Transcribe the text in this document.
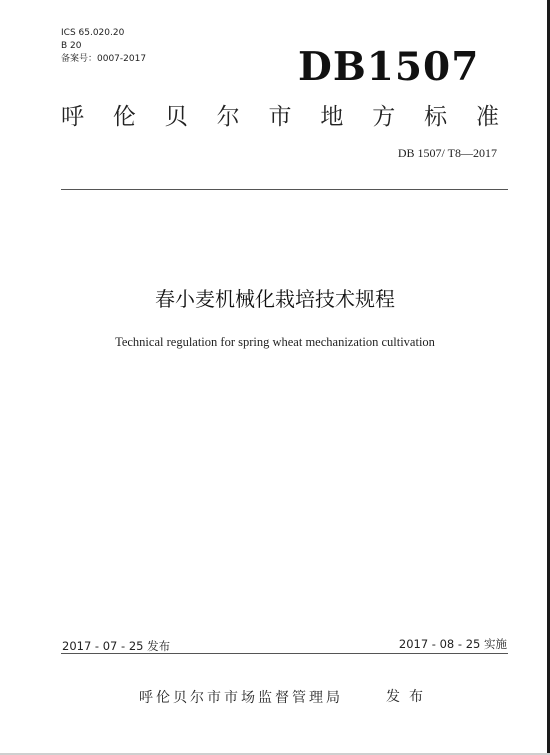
ICS 65.020.20
B 20
备案号：0007-2017	DB1507
呼 伦 贝 尔 市 地 方 标 准
DB 1507/ T8—2017
春小麦机械化栽培技术规程
Technical regulation for spring wheat mechanization cultivation
2017 - 07 - 25 发布	2017 - 08 - 25 实施
呼伦贝尔市市场监督管理局	发布
